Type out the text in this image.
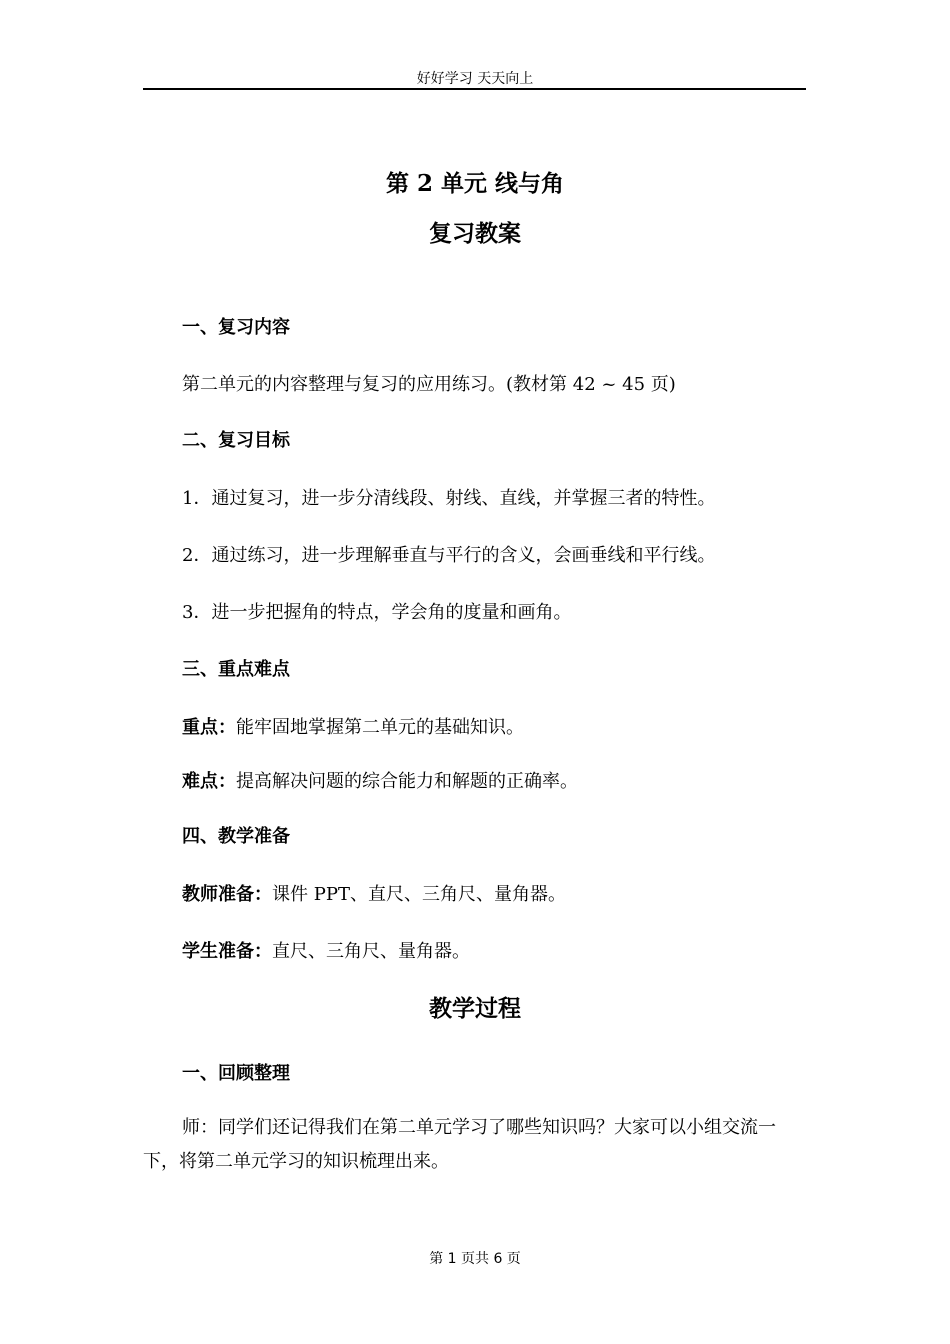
好好学习 天天向上
第 2 单元 线与角
复习教案
一、复习内容
第二单元的内容整理与复习的应用练习。(教材第 42 ~ 45 页)
二、复习目标
1．通过复习，进一步分清线段、射线、直线，并掌握三者的特性。
2．通过练习，进一步理解垂直与平行的含义，会画垂线和平行线。
3．进一步把握角的特点，学会角的度量和画角。
三、重点难点
重点：能牢固地掌握第二单元的基础知识。
难点：提高解决问题的综合能力和解题的正确率。
四、教学准备
教师准备：课件 PPT、直尺、三角尺、量角器。
学生准备：直尺、三角尺、量角器。
教学过程
一、回顾整理
师：同学们还记得我们在第二单元学习了哪些知识吗？大家可以小组交流一下，将第二单元学习的知识梳理出来。
第 1 页共 6 页
